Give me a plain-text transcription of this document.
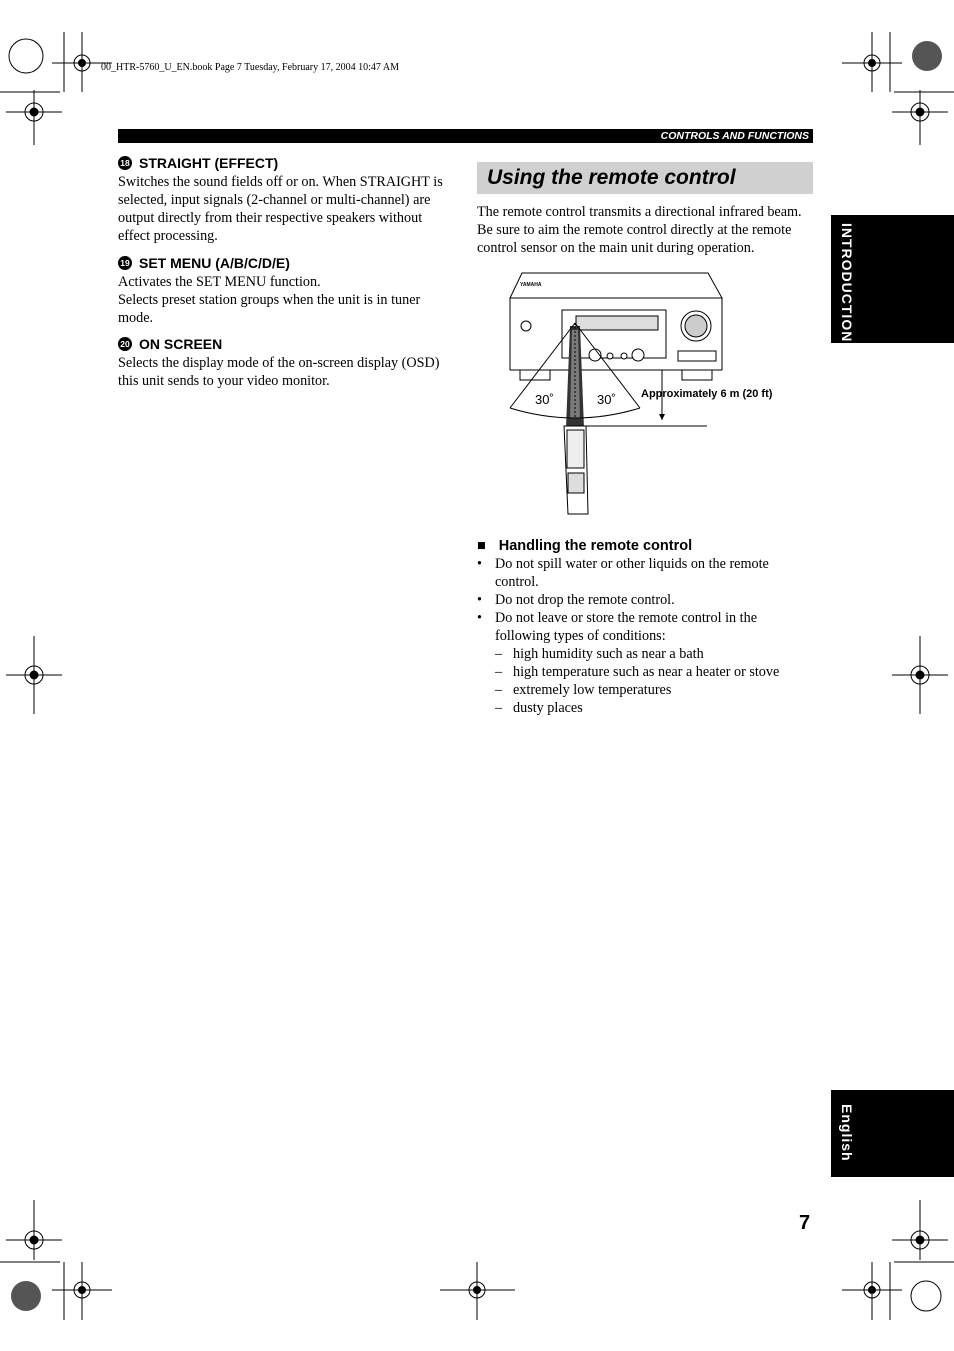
00_HTR-5760_U_EN.book Page 7 Tuesday, February 17, 2004 10:47 AM
CONTROLS AND FUNCTIONS
18 STRAIGHT (EFFECT)
Switches the sound fields off or on. When STRAIGHT is
selected, input signals (2-channel or multi-channel) are
output directly from their respective speakers without
effect processing.
19 SET MENU (A/B/C/D/E)
Activates the SET MENU function.
Selects preset station groups when the unit is in tuner
mode.
20 ON SCREEN
Selects the display mode of the on-screen display (OSD)
this unit sends to your video monitor.
Using the remote control
The remote control transmits a directional infrared beam.
Be sure to aim the remote control directly at the remote
control sensor on the main unit during operation.
YAMAHA
30˚	30˚ Approximately 6 m (20 ft)
■ Handling the remote control
• Do not spill water or other liquids on the remote
control.
• Do not drop the remote control.
• Do not leave or store the remote control in the
following types of conditions:
– high humidity such as near a bath
– high temperature such as near a heater or stove
– extremely low temperatures
– dusty places
INTRODUCTION
English
7
